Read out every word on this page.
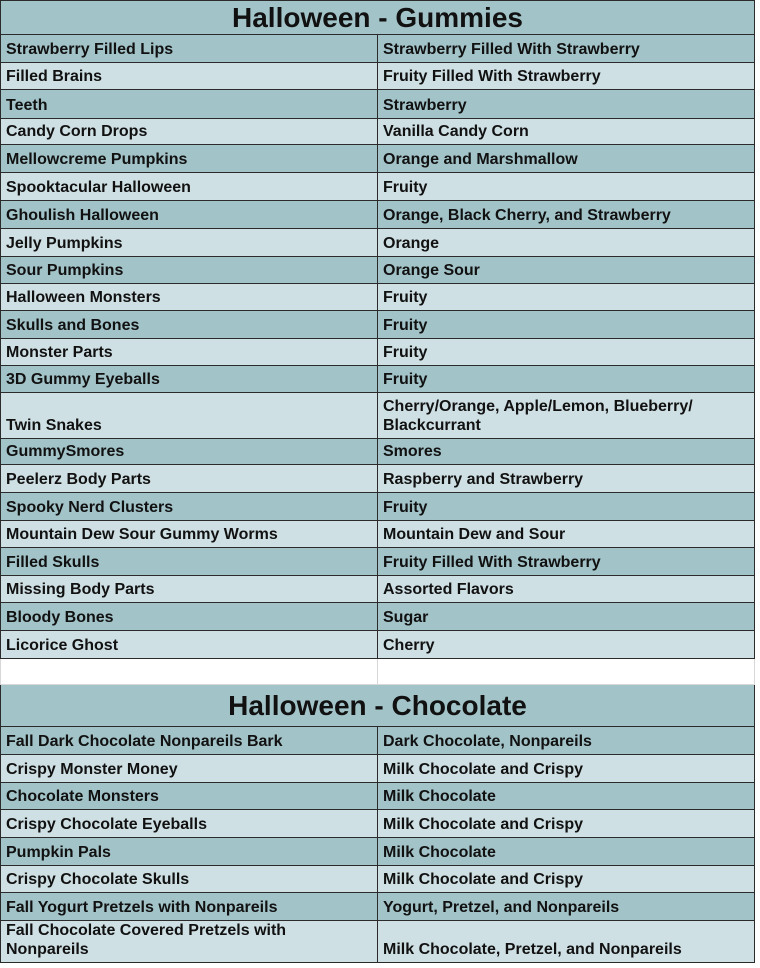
Halloween - Gummies	
Strawberry Filled Lips	Strawberry Filled With Strawberry
Filled Brains	Fruity Filled With Strawberry
Teeth	Strawberry
Candy Corn Drops	Vanilla Candy Corn
Mellowcreme Pumpkins	Orange and Marshmallow
Spooktacular Halloween	Fruity
Ghoulish Halloween	Orange, Black Cherry, and Strawberry
Jelly Pumpkins	Orange
Sour Pumpkins	Orange Sour
Halloween Monsters	Fruity
Skulls and Bones	Fruity
Monster Parts	Fruity
3D Gummy Eyeballs	Fruity
Twin Snakes	Cherry/Orange, Apple/Lemon, Blueberry/ Blackcurrant
GummySmores	Smores
Peelerz Body Parts	Raspberry and Strawberry
Spooky Nerd Clusters	Fruity
Mountain Dew Sour Gummy Worms	Mountain Dew and Sour
Filled Skulls	Fruity Filled With Strawberry
Missing Body Parts	Assorted Flavors
Bloody Bones	Sugar
Licorice Ghost	Cherry

Halloween - Chocolate	
Fall Dark Chocolate Nonpareils Bark	Dark Chocolate, Nonpareils
Crispy Monster Money	Milk Chocolate and Crispy
Chocolate Monsters	Milk Chocolate
Crispy Chocolate Eyeballs	Milk Chocolate and Crispy
Pumpkin Pals	Milk Chocolate
Crispy Chocolate Skulls	Milk Chocolate and Crispy
Fall Yogurt Pretzels with Nonpareils	Yogurt, Pretzel, and Nonpareils
Fall Chocolate Covered Pretzels with Nonpareils	Milk Chocolate, Pretzel, and Nonpareils
